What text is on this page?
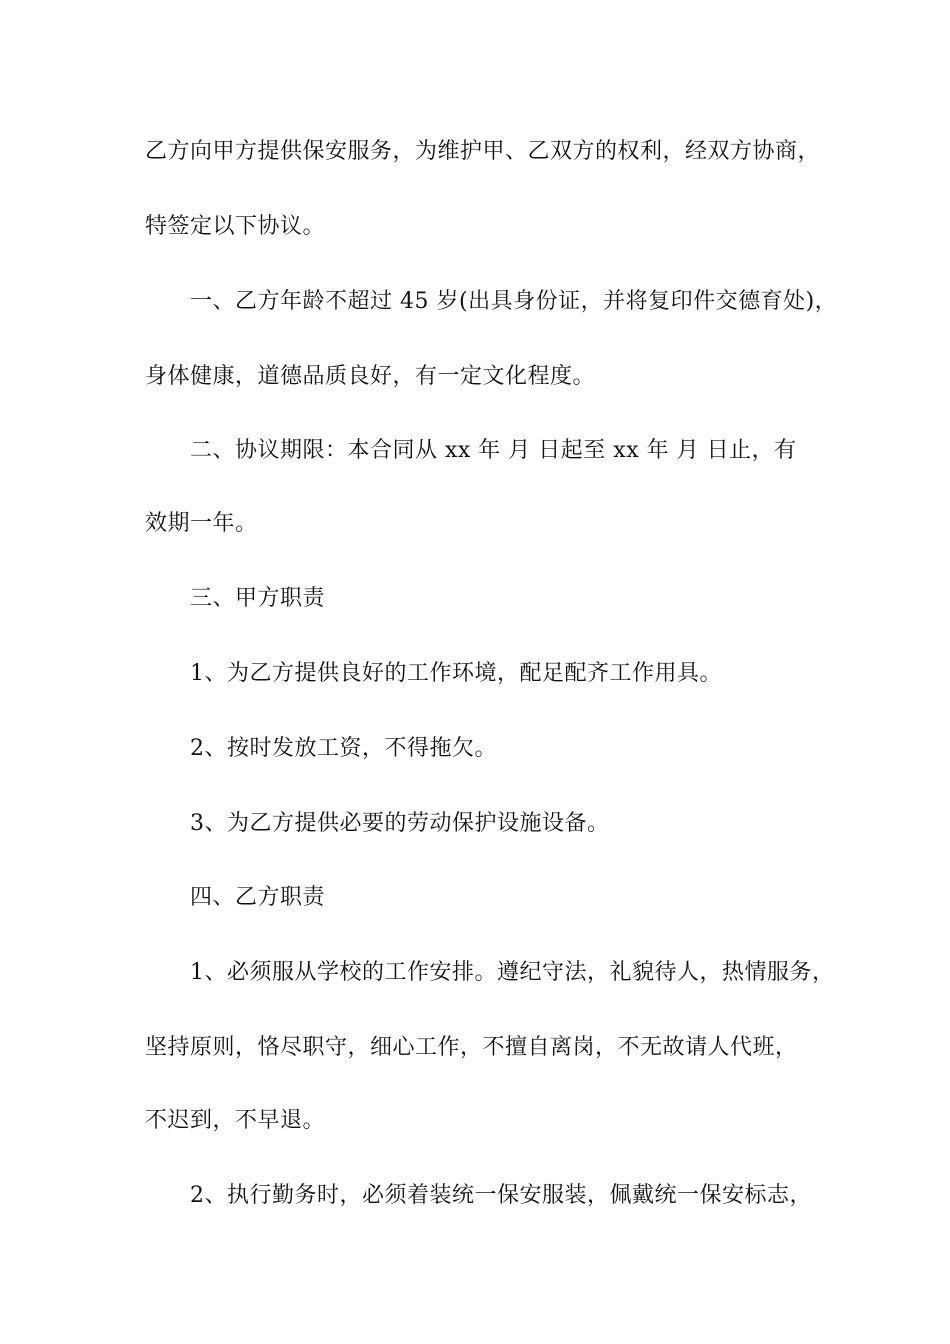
乙方向甲方提供保安服务，为维护甲、乙双方的权利，经双方协商，
特签定以下协议。
一、乙方年龄不超过 45 岁(出具身份证，并将复印件交德育处)，
身体健康，道德品质良好，有一定文化程度。
二、协议期限：本合同从 xx 年 月 日起至 xx 年 月 日止，有
效期一年。
三、甲方职责
1、为乙方提供良好的工作环境，配足配齐工作用具。
2、按时发放工资，不得拖欠。
3、为乙方提供必要的劳动保护设施设备。
四、乙方职责
1、必须服从学校的工作安排。遵纪守法，礼貌待人，热情服务，
坚持原则，恪尽职守，细心工作，不擅自离岗，不无故请人代班，
不迟到，不早退。
2、执行勤务时，必须着装统一保安服装，佩戴统一保安标志，
